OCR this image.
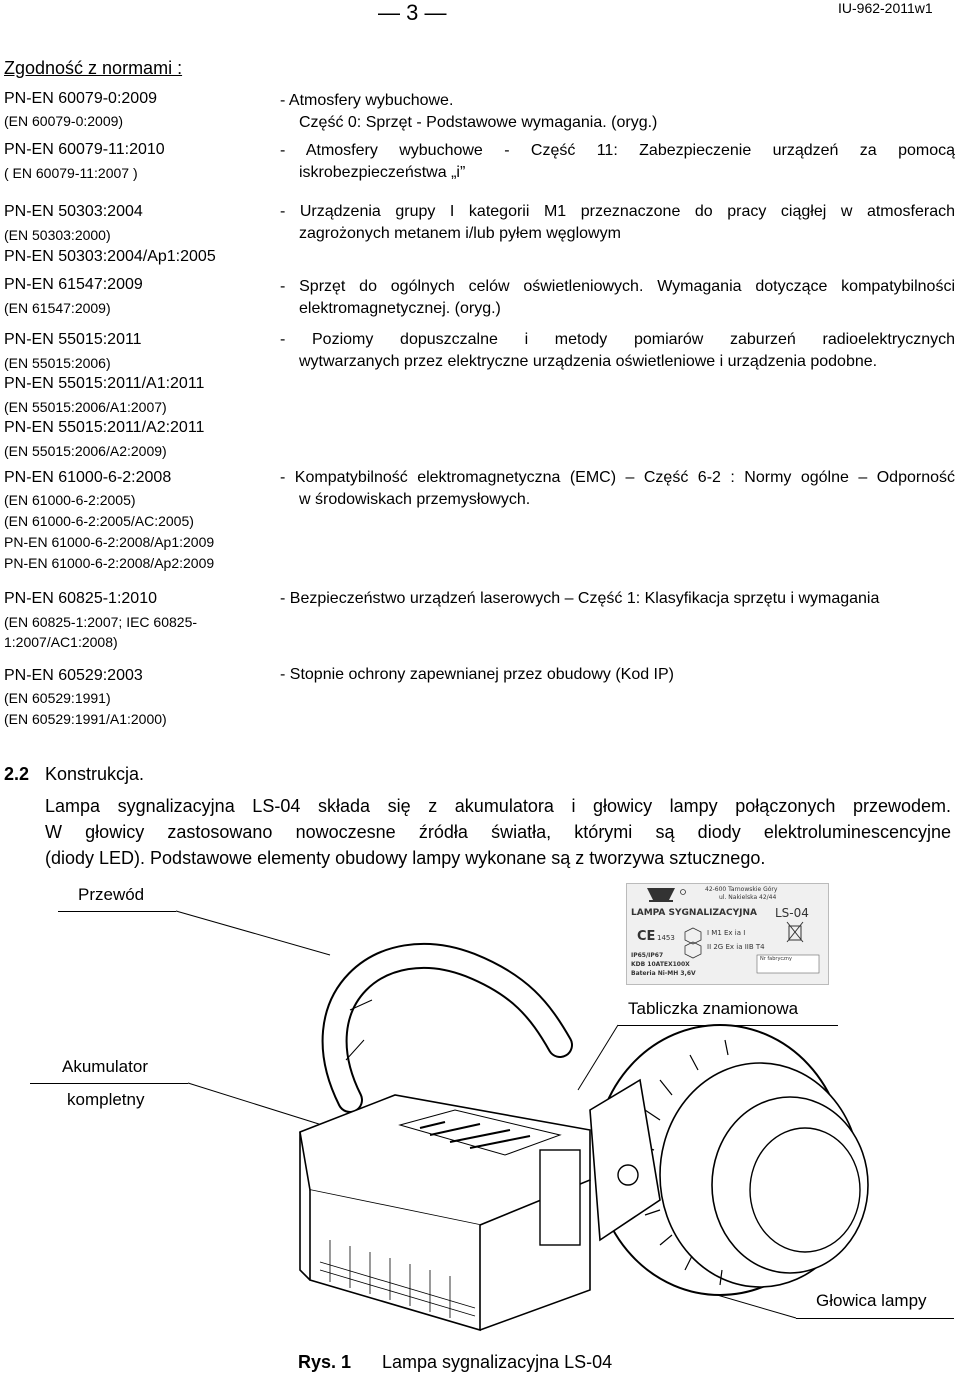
— 3 —	IU-962-2011w1
Zgodność z normami :
PN-EN 60079-0:2009
(EN 60079-0:2009)
PN-EN 60079-11:2010
( EN 60079-11:2007 )
PN-EN 50303:2004
(EN 50303:2000)
PN-EN 50303:2004/Ap1:2005
PN-EN 61547:2009
(EN 61547:2009)
PN-EN 55015:2011
(EN 55015:2006)
PN-EN 55015:2011/A1:2011
(EN 55015:2006/A1:2007)
PN-EN 55015:2011/A2:2011
(EN 55015:2006/A2:2009)
PN-EN 61000-6-2:2008
(EN 61000-6-2:2005)
(EN 61000-6-2:2005/AC:2005)
PN-EN 61000-6-2:2008/Ap1:2009
PN-EN 61000-6-2:2008/Ap2:2009
PN-EN 60825-1:2010
(EN 60825-1:2007; IEC 60825-
1:2007/AC1:2008)
PN-EN 60529:2003
(EN 60529:1991)
(EN 60529:1991/A1:2000)
- Atmosfery wybuchowe.
Część 0: Sprzęt - Podstawowe wymagania. (oryg.)
- Atmosfery wybuchowe - Część 11: Zabezpieczenie urządzeń za pomocą
iskrobezpieczeństwa „i”
- Urządzenia grupy I kategorii M1 przeznaczone do pracy ciągłej w atmosferach
zagrożonych metanem i/lub pyłem węglowym
- Sprzęt do ogólnych celów oświetleniowych. Wymagania dotyczące kompatybilności
elektromagnetycznej. (oryg.)
- Poziomy dopuszczalne i metody pomiarów zaburzeń radioelektrycznych
wytwarzanych przez elektryczne urządzenia oświetleniowe i urządzenia podobne.
- Kompatybilność elektromagnetyczna (EMC) – Część 6-2 : Normy ogólne – Odporność
w środowiskach przemysłowych.
- Bezpieczeństwo urządzeń laserowych – Część 1: Klasyfikacja sprzętu i wymagania
- Stopnie ochrony zapewnianej przez obudowy (Kod IP)
2.2 Konstrukcja.
Lampa sygnalizacyjna LS-04 składa się z akumulatora i głowicy lampy połączonych przewodem.
W głowicy zastosowano nowoczesne źródła światła, którymi są diody elektroluminescencyjne
(diody LED). Podstawowe elementy obudowy lampy wykonane są z tworzywa sztucznego.
Przewód
Tabliczka znamionowa
Akumulator
kompletny
Głowica lampy
CE
42-600 Tarnowskie Góry
ul. Nakielska 42/44
LAMPA SYGNALIZACYJNA LS-04
1453
I M1 Ex ia I
II 2G Ex ia IIB T4
IP65/IP67
KDB 10ATEX100X
Bateria Ni-MH 3,6V
Nr fabryczny
Rys. 1 Lampa sygnalizacyjna LS-04
